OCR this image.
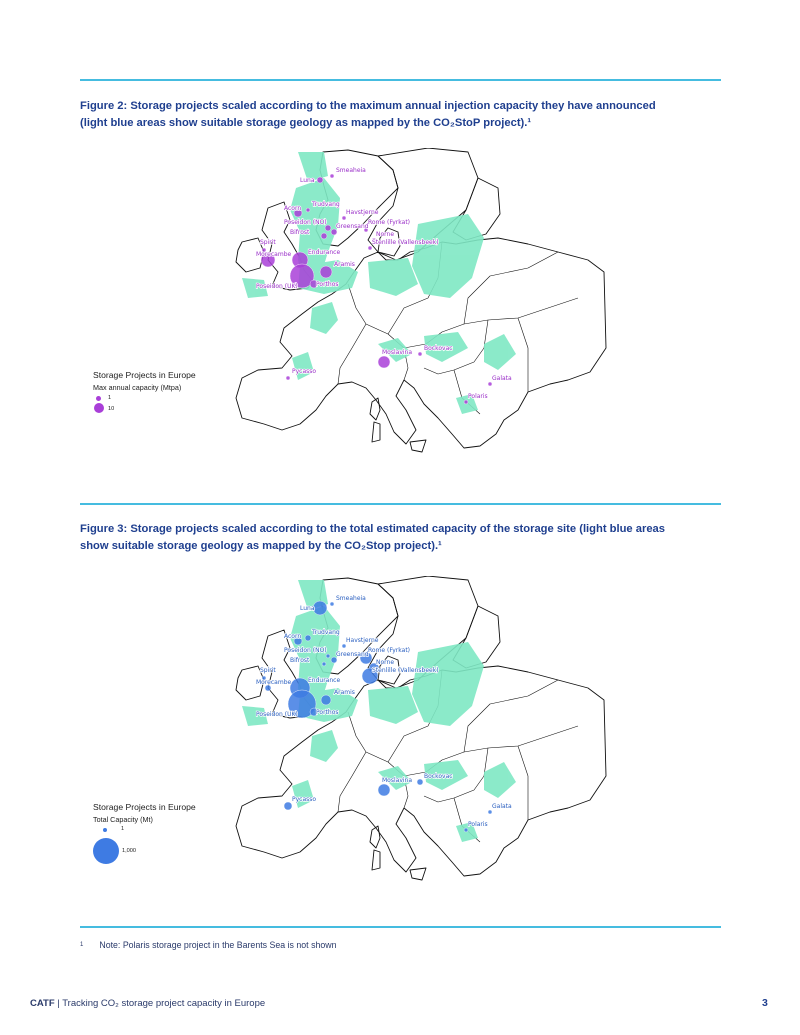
Figure 2: Storage projects scaled according to the maximum annual injection capacity they have announced
(light blue areas show suitable storage geology as mapped by the CO₂StoP project).¹
Luna
Smeaheia
Trudvang
Acorn
Havstjerne
Poseidon (NO)
Greensand
Bifrost
Rome (Fyrkat)
Norne
Stenlille (Vallensbeek)
Spirit
Morecambe	Endurance
Aramis
Poseidon (UK)	Porthos
Pycasso
Moslavina
Bockovac
Galata
Polaris
Storage Projects in Europe
Max annual capacity (Mtpa)
1
10
Figure 3: Storage projects scaled according to the total estimated capacity of the storage site (light blue areas
show suitable storage geology as mapped by the CO₂Stop project).¹
Luna
Smeaheia
Trudvang
Acorn
Havstjerne
Poseidon (NO)
Greensand
Bifrost
Rome (Fyrkat)
Norne
Stenlille (Vallensbeek)
Spirit
Morecambe	Endurance
Aramis
Poseidon (UK)	Porthos
Pycasso
Moslavina
Bockovac
Galata
Polaris
Storage Projects in Europe
Total Capacity (Mt)
1
1,000
$^1$ Note: Polaris storage project in the Barents Sea is not shown
CATF | Tracking CO₂ storage project capacity in Europe	3
